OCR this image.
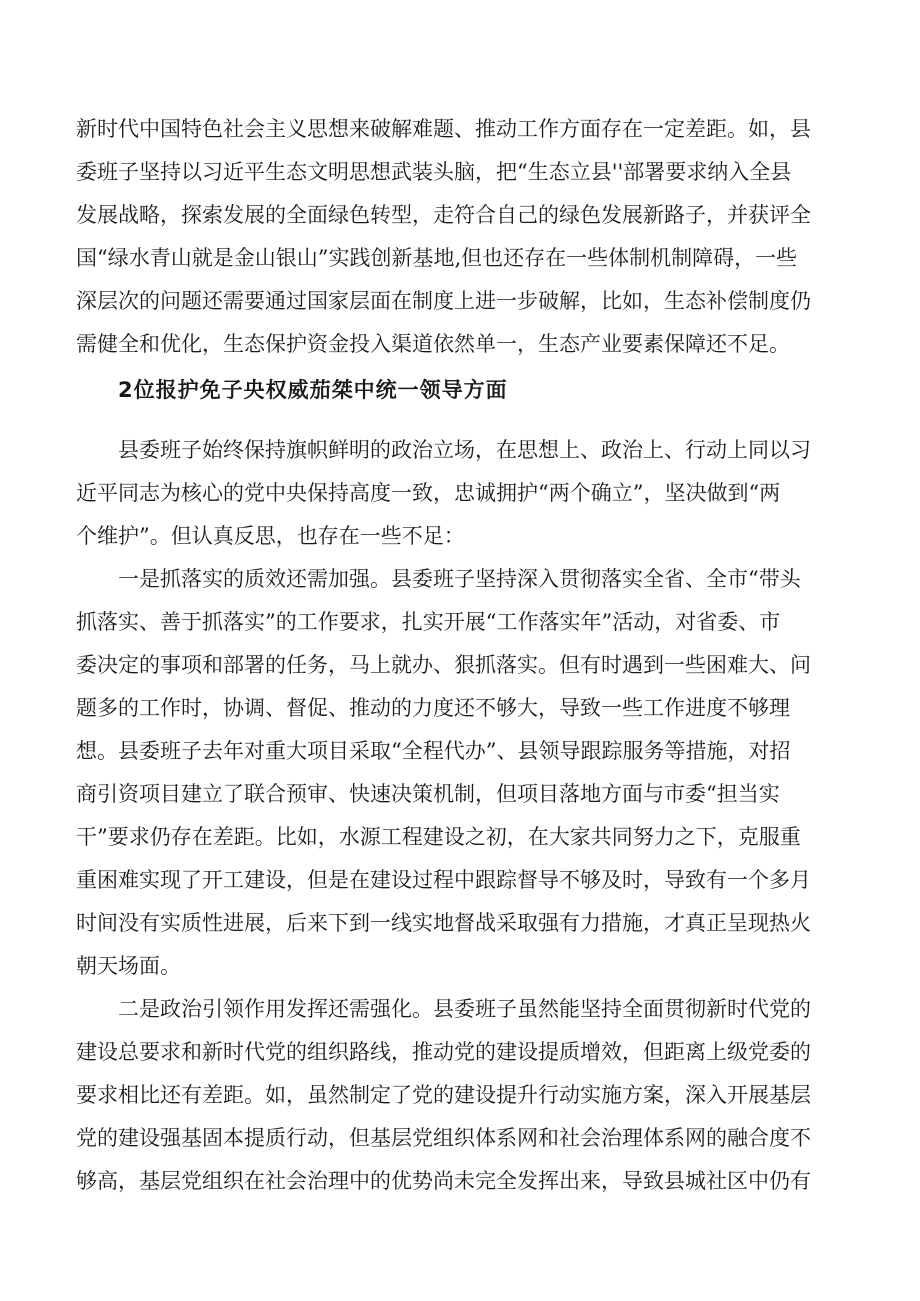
新时代中国特色社会主义思想来破解难题、推动工作方面存在一定差距。如，县
委班子坚持以习近平生态文明思想武装头脑，把“生态立县''部署要求纳入全县
发展战略，探索发展的全面绿色转型，走符合自己的绿色发展新路子，并获评全
国“绿水青山就是金山银山”实践创新基地,但也还存在一些体制机制障碍，一些
深层次的问题还需要通过国家层面在制度上进一步破解，比如，生态补偿制度仍
需健全和优化，生态保护资金投入渠道依然单一，生态产业要素保障还不足。
2位报护免子央权威茄桀中统一领导方面
县委班子始终保持旗帜鲜明的政治立场，在思想上、政治上、行动上同以习
近平同志为核心的党中央保持高度一致，忠诚拥护“两个确立”，坚决做到“两
个维护”。但认真反思，也存在一些不足：
一是抓落实的质效还需加强。县委班子坚持深入贯彻落实全省、全市“带头
抓落实、善于抓落实”的工作要求，扎实开展“工作落实年”活动，对省委、市
委决定的事项和部署的任务，马上就办、狠抓落实。但有时遇到一些困难大、问
题多的工作时，协调、督促、推动的力度还不够大，导致一些工作进度不够理
想。县委班子去年对重大项目采取“全程代办”、县领导跟踪服务等措施，对招
商引资项目建立了联合预审、快速决策机制，但项目落地方面与市委“担当实
干”要求仍存在差距。比如，水源工程建设之初，在大家共同努力之下，克服重
重困难实现了开工建设，但是在建设过程中跟踪督导不够及时，导致有一个多月
时间没有实质性进展，后来下到一线实地督战采取强有力措施，才真正呈现热火
朝天场面。
二是政治引领作用发挥还需强化。县委班子虽然能坚持全面贯彻新时代党的
建设总要求和新时代党的组织路线，推动党的建设提质增效，但距离上级党委的
要求相比还有差距。如，虽然制定了党的建设提升行动实施方案，深入开展基层
党的建设强基固本提质行动，但基层党组织体系网和社会治理体系网的融合度不
够高，基层党组织在社会治理中的优势尚未完全发挥出来，导致县城社区中仍有
